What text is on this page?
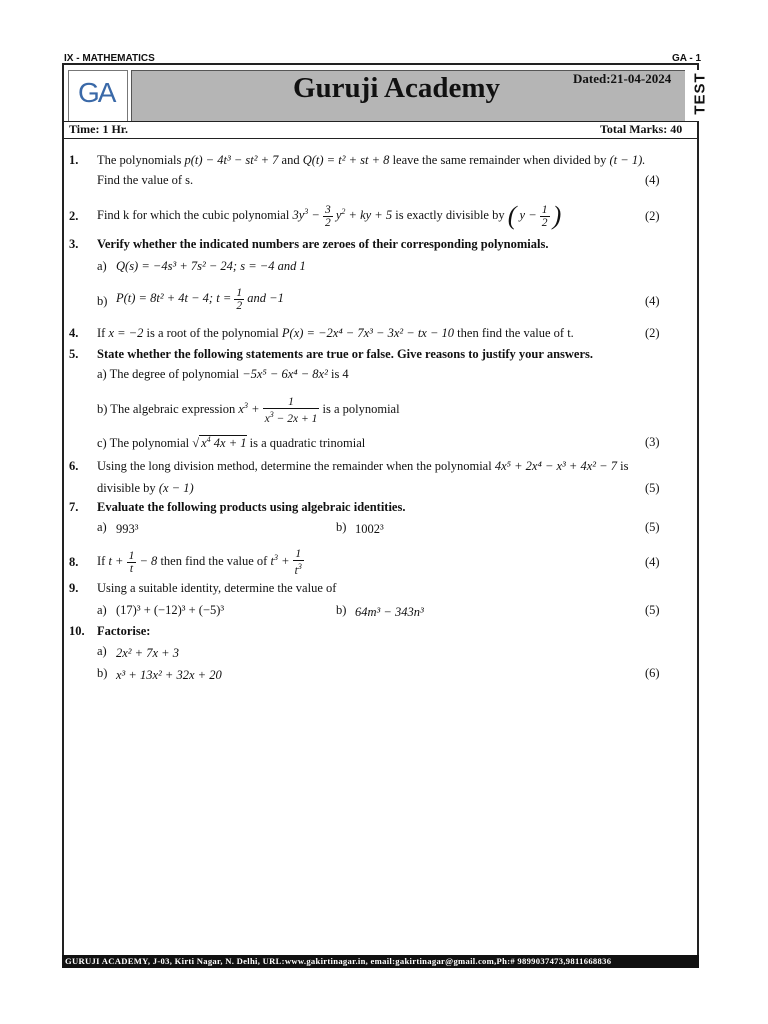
IX - MATHEMATICS	GA - 1
GA	Guruji Academy	Dated:21-04-2024 TEST
Time: 1 Hr.	Total Marks: 40
1. The polynomials p(t) − 4t³ − st² + 7 and Q(t) = t² + st + 8 leave the same remainder when divided by (t − 1).
Find the value of s.	(4)
2. Find k for which the cubic polynomial $3y^3 - \frac{3}{2} y^2$ + ky + 5 is exactly divisible by ( $y - \frac{1}{2}$ )	(2)
3. Verify whether the indicated numbers are zeroes of their corresponding polynomials.
a) Q(s) = −4s³ + 7s² − 24; s = −4 and 1
b) P(t) = 8t² + 4t − 4; $t = \frac{1}{2}$ and −1	(4)
4. If x = −2 is a root of the polynomial P(x) = −2x⁴ − 7x³ − 3x² − tx − 10 then find the value of t.	(2)
5. State whether the following statements are true or false. Give reasons to justify your answers.
a) The degree of polynomial −5x⁵ − 6x⁴ − 8x² is 4
b) The algebraic expression $x^3 + \frac{1}{x^3 - 2x + 1}$ is a polynomial
c) The polynomial √ $x^4$ 4x + 1 is a quadratic trinomial	(3)
6. Using the long division method, determine the remainder when the polynomial 4x⁵ + 2x⁴ − x³ + 4x² − 7 is
divisible by (x − 1)	(5)
7. Evaluate the following products using algebraic identities.
a) 993³	b) 1002³	(5)
8. If $t + \frac{1}{t} - 8$ then find the value of $t^3 + \frac{1}{t^3}$	(4)
9. Using a suitable identity, determine the value of
a) (17)³ + (−12)³ + (−5)³	b) 64m³ − 343n³	(5)
10. Factorise:
a) 2x² + 7x + 3
b) x³ + 13x² + 32x + 20	(6)
GURUJI ACADEMY, J-03, Kirti Nagar, N. Delhi, URL:www.gakirtinagar.in, email:gakirtinagar@gmail.com,Ph:# 9899037473,9811668836
